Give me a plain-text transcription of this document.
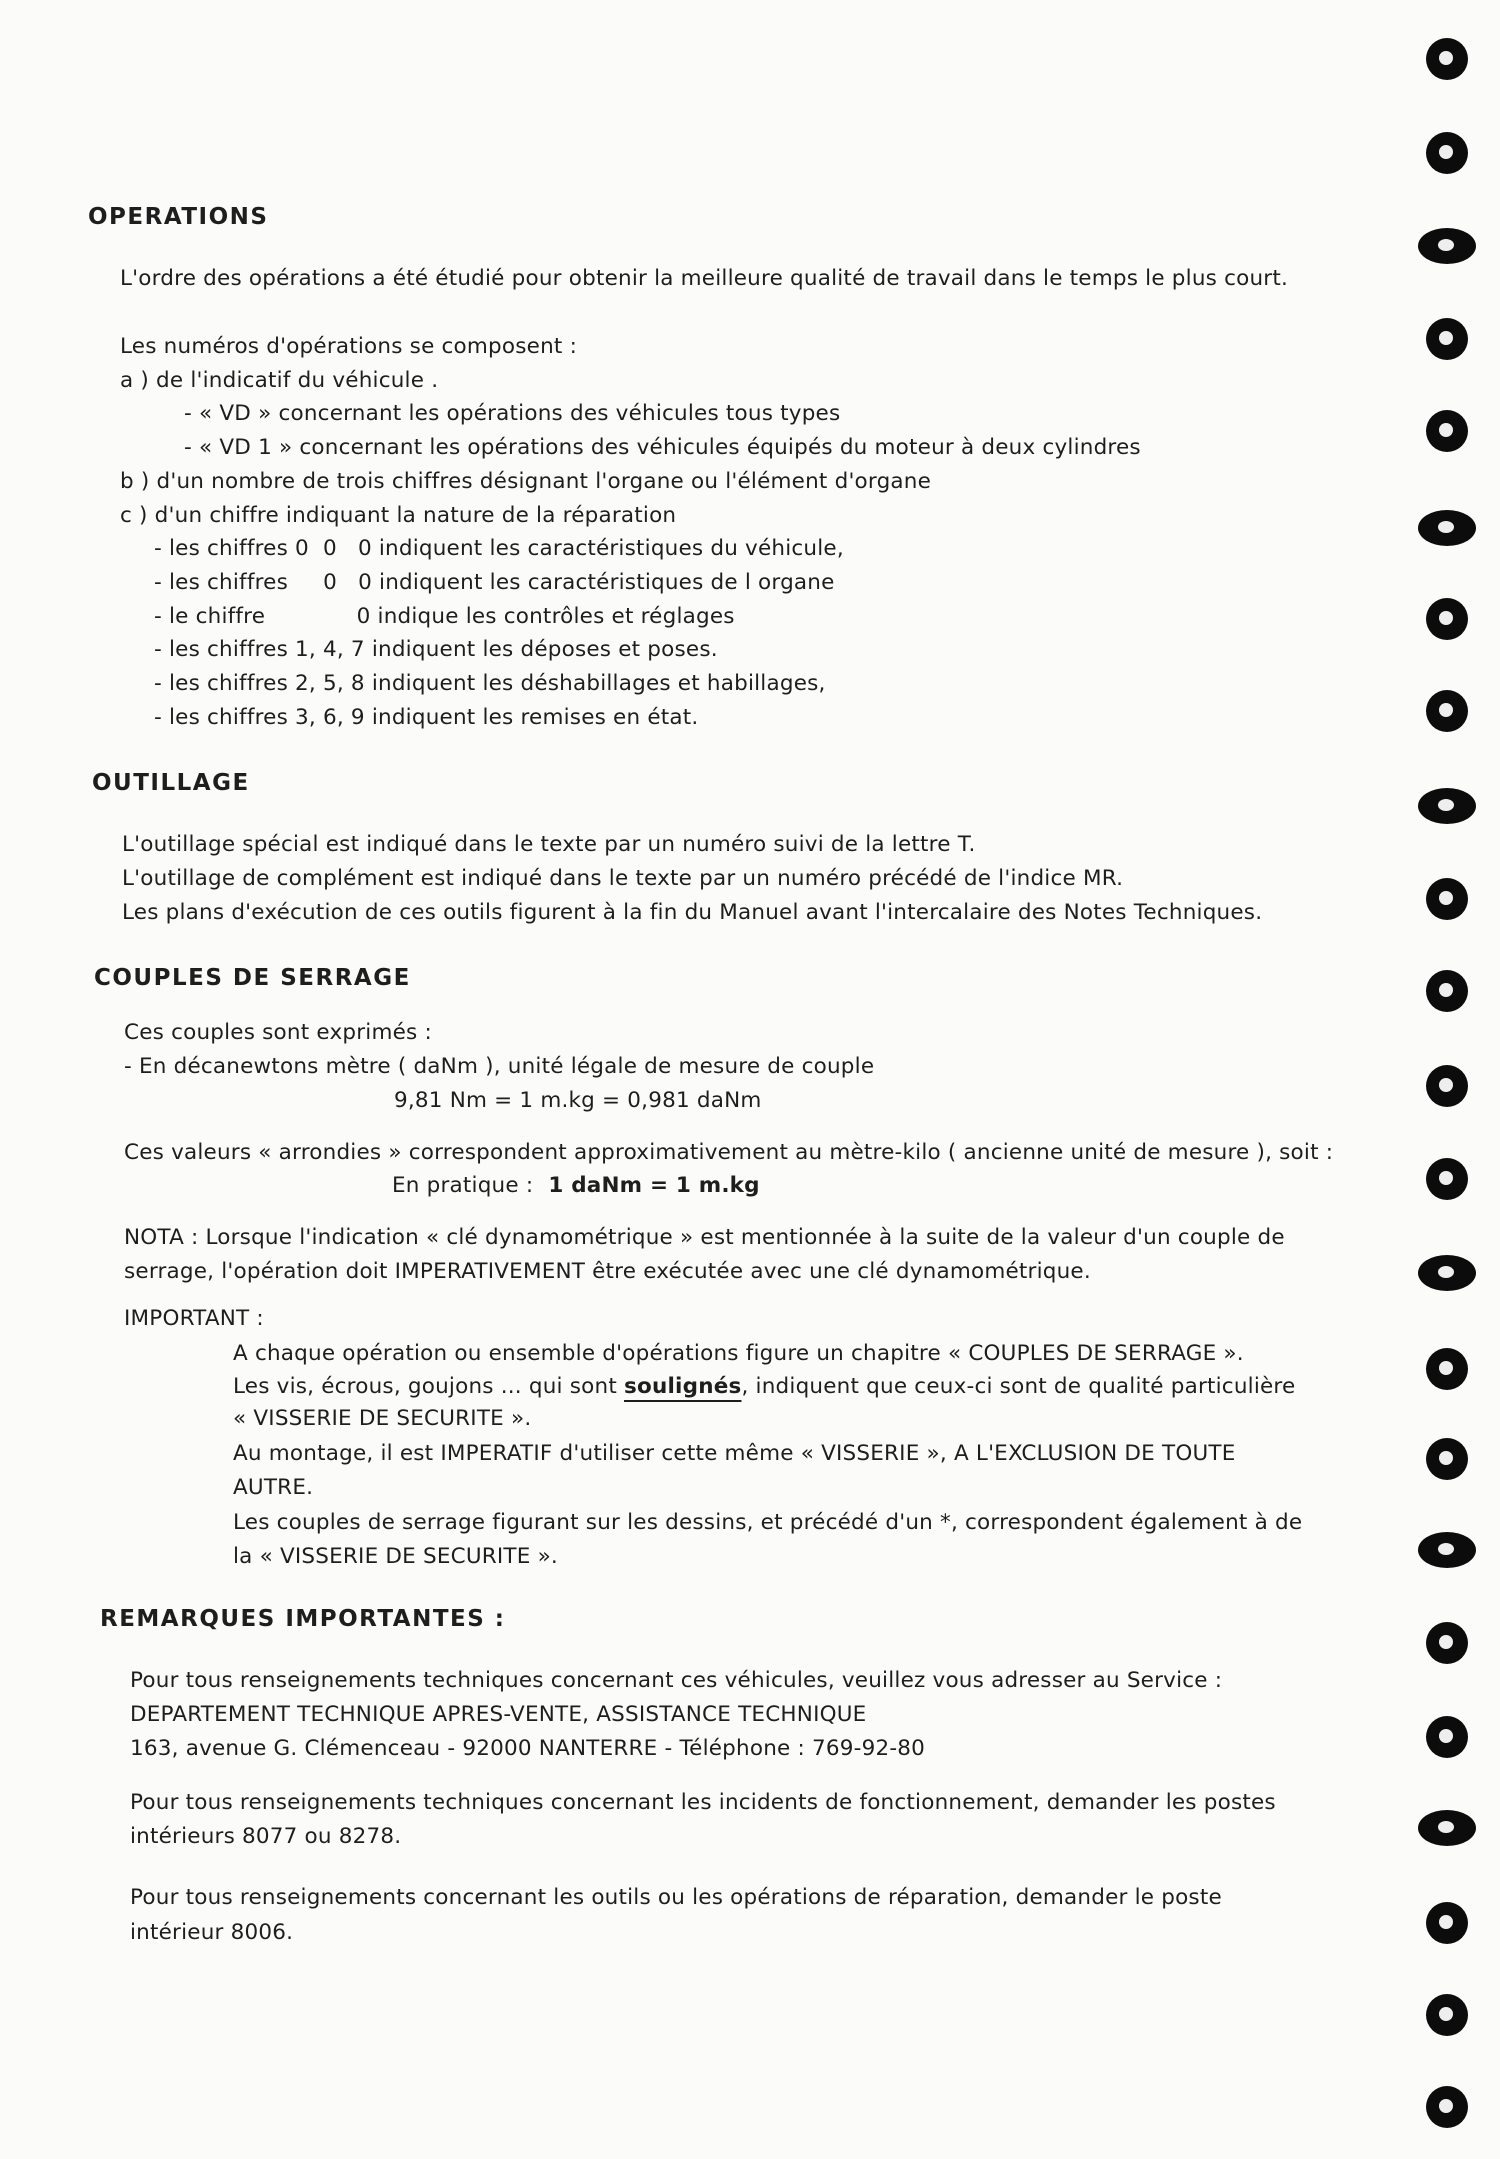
OPERATIONS
L'ordre des opérations a été étudié pour obtenir la meilleure qualité de travail dans le temps le plus court.
Les numéros d'opérations se composent :
a ) de l'indicatif du véhicule .
- « VD » concernant les opérations des véhicules tous types
- « VD 1 » concernant les opérations des véhicules équipés du moteur à deux cylindres
b ) d'un nombre de trois chiffres désignant l'organe ou l'élément d'organe
c ) d'un chiffre indiquant la nature de la réparation
- les chiffres 0  0   0 indiquent les caractéristiques du véhicule,
- les chiffres     0   0 indiquent les caractéristiques de l organe
- le chiffre             0 indique les contrôles et réglages
- les chiffres 1, 4, 7 indiquent les déposes et poses.
- les chiffres 2, 5, 8 indiquent les déshabillages et habillages,
- les chiffres 3, 6, 9 indiquent les remises en état.
OUTILLAGE
L'outillage spécial est indiqué dans le texte par un numéro suivi de la lettre T.
L'outillage de complément est indiqué dans le texte par un numéro précédé de l'indice MR.
Les plans d'exécution de ces outils figurent à la fin du Manuel avant l'intercalaire des Notes Techniques.
COUPLES DE SERRAGE
Ces couples sont exprimés :
- En décanewtons mètre ( daNm ), unité légale de mesure de couple
9,81 Nm = 1 m.kg = 0,981 daNm
Ces valeurs « arrondies » correspondent approximativement au mètre-kilo ( ancienne unité de mesure ), soit :
En pratique : 1 daNm = 1 m.kg
NOTA : Lorsque l'indication « clé dynamométrique » est mentionnée à la suite de la valeur d'un couple de
serrage, l'opération doit IMPERATIVEMENT être exécutée avec une clé dynamométrique.
IMPORTANT :
A chaque opération ou ensemble d'opérations figure un chapitre « COUPLES DE SERRAGE ».
Les vis, écrous, goujons ... qui sont soulignés, indiquent que ceux-ci sont de qualité particulière
« VISSERIE DE SECURITE ».
Au montage, il est IMPERATIF d'utiliser cette même « VISSERIE », A L'EXCLUSION DE TOUTE
AUTRE.
Les couples de serrage figurant sur les dessins, et précédé d'un *, correspondent également à de
la « VISSERIE DE SECURITE ».
REMARQUES IMPORTANTES :
Pour tous renseignements techniques concernant ces véhicules, veuillez vous adresser au Service :
DEPARTEMENT TECHNIQUE APRES-VENTE, ASSISTANCE TECHNIQUE
163, avenue G. Clémenceau - 92000 NANTERRE - Téléphone : 769-92-80
Pour tous renseignements techniques concernant les incidents de fonctionnement, demander les postes
intérieurs 8077 ou 8278.
Pour tous renseignements concernant les outils ou les opérations de réparation, demander le poste
intérieur 8006.
